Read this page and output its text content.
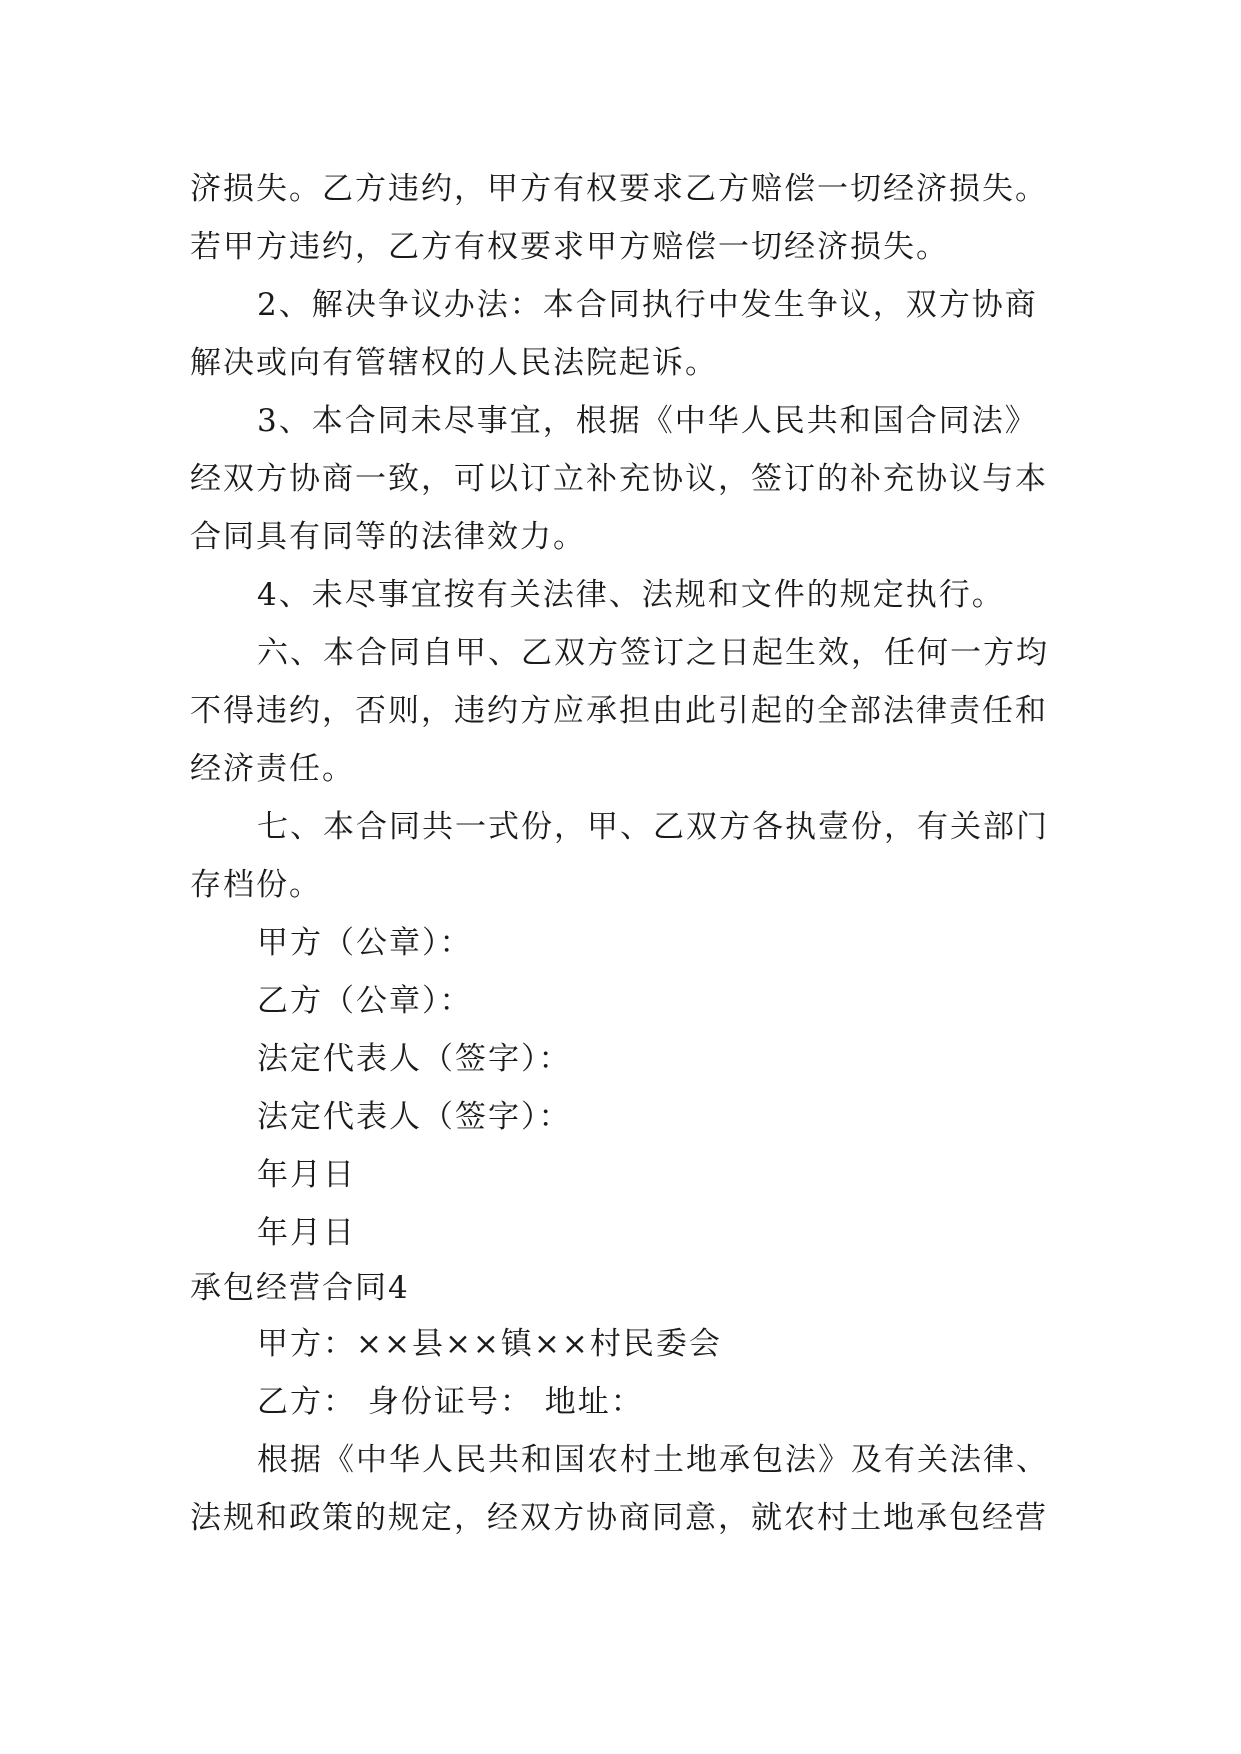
济损失。乙方违约，甲方有权要求乙方赔偿一切经济损失。
若甲方违约，乙方有权要求甲方赔偿一切经济损失。
2、解决争议办法：本合同执行中发生争议，双方协商
解决或向有管辖权的人民法院起诉。
3、本合同未尽事宜，根据《中华人民共和国合同法》
经双方协商一致，可以订立补充协议，签订的补充协议与本
合同具有同等的法律效力。
4、未尽事宜按有关法律、法规和文件的规定执行。
六、本合同自甲、乙双方签订之日起生效，任何一方均
不得违约，否则，违约方应承担由此引起的全部法律责任和
经济责任。
七、本合同共一式份，甲、乙双方各执壹份，有关部门
存档份。
甲方（公章）：
乙方（公章）：
法定代表人（签字）：
法定代表人（签字）：
年月日
年月日
承包经营合同4
甲方：××县××镇××村民委会
乙方： 身份证号： 地址：
根据《中华人民共和国农村土地承包法》及有关法律、
法规和政策的规定，经双方协商同意，就农村土地承包经营
